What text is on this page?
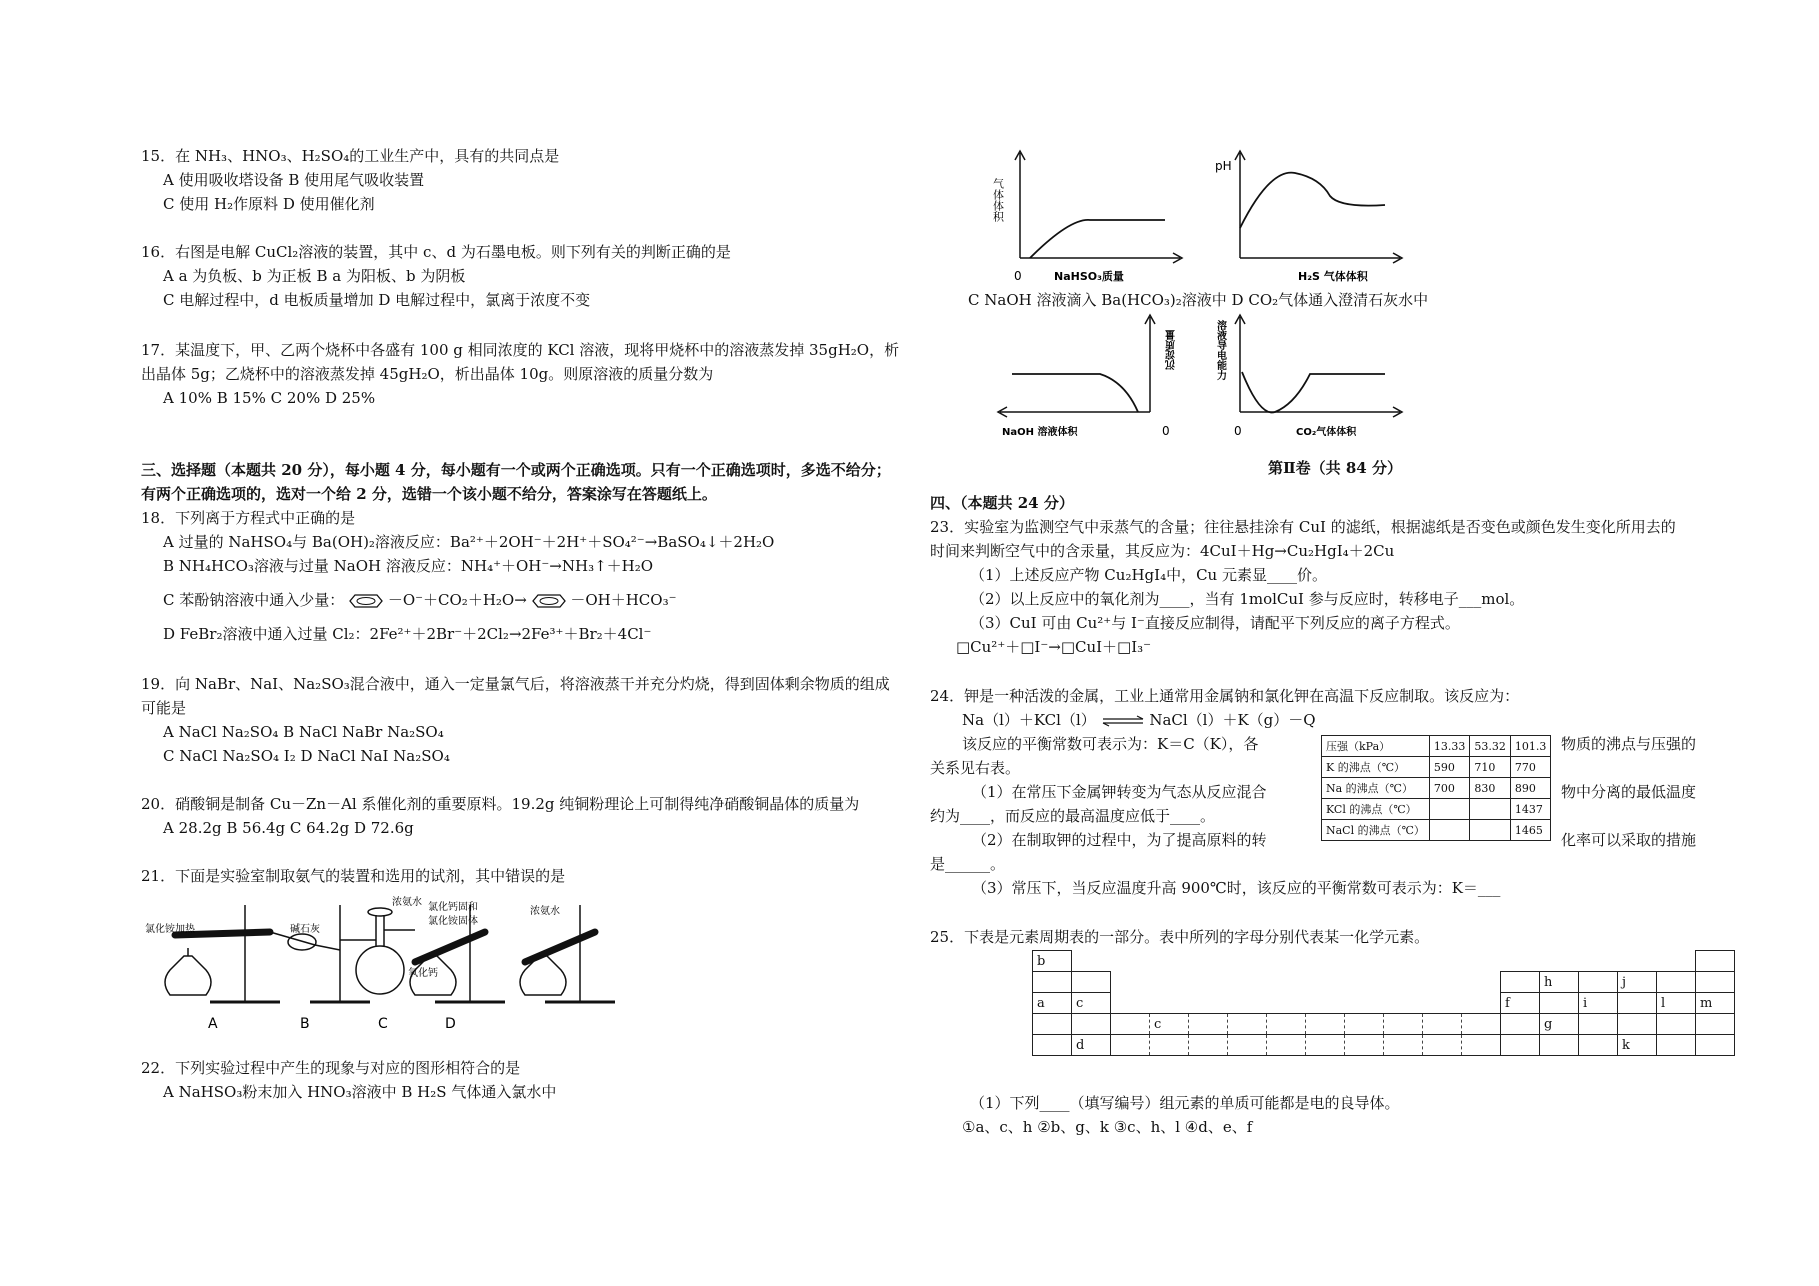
15．在 NH₃、HNO₃、H₂SO₄的工业生产中，具有的共同点是
A 使用吸收塔设备 B 使用尾气吸收装置
C 使用 H₂作原料 D 使用催化剂
16．右图是电解 CuCl₂溶液的装置，其中 c、d 为石墨电板。则下列有关的判断正确的是
A a 为负板、b 为正板 B a 为阳板、b 为阴板
C 电解过程中，d 电板质量增加 D 电解过程中，氯离于浓度不变
17．某温度下，甲、乙两个烧杯中各盛有 100 g 相同浓度的 KCl 溶液，现将甲烧杯中的溶液蒸发掉 35gH₂O，析
出晶体 5g；乙烧杯中的溶液蒸发掉 45gH₂O，析出晶体 10g。则原溶液的质量分数为
A 10% B 15% C 20% D 25%
三、选择题（本题共 20 分），每小题 4 分，每小题有一个或两个正确选项。只有一个正确选项时，多选不给分；
有两个正确选项的，选对一个给 2 分，选错一个该小题不给分，答案涂写在答题纸上。
18．下列离于方程式中正确的是
A 过量的 NaHSO₄与 Ba(OH)₂溶液反应：Ba²⁺＋2OH⁻＋2H⁺＋SO₄²⁻→BaSO₄↓＋2H₂O
B NH₄HCO₃溶液与过量 NaOH 溶液反应：NH₄⁺＋OH⁻→NH₃↑＋H₂O
C 苯酚钠溶液中通入少量：	－O⁻＋CO₂＋H₂O→	－OH＋HCO₃⁻
D FeBr₂溶液中通入过量 Cl₂：2Fe²⁺＋2Br⁻＋2Cl₂→2Fe³⁺＋Br₂＋4Cl⁻
19．向 NaBr、NaI、Na₂SO₃混合液中，通入一定量氯气后，将溶液蒸干并充分灼烧，得到固体剩余物质的组成
可能是
A NaCl Na₂SO₄ B NaCl NaBr Na₂SO₄
C NaCl Na₂SO₄ I₂ D NaCl NaI Na₂SO₄
20．硝酸铜是制备 Cu－Zn－Al 系催化剂的重要原料。19.2g 纯铜粉理论上可制得纯净硝酸铜晶体的质量为
A 28.2g B 56.4g C 64.2g D 72.6g
21．下面是实验室制取氨气的装置和选用的试剂，其中错误的是
氯化铵加热	碱石灰
浓氨水
氧化钙
氯化钙固和
氯化铵固体
浓氨水
A	B	C	D
22．下列实验过程中产生的现象与对应的图形相符合的是
A NaHSO₃粉末加入 HNO₃溶液中 B H₂S 气体通入氯水中
气体体积
0	NaHSO₃质量
pH
H₂S 气体体积
C NaOH 溶液滴入 Ba(HCO₃)₂溶液中 D CO₂气体通入澄清石灰水中
沉淀质量
NaOH 溶液体积	0
溶液导电能力
0	CO₂气体体积
第Ⅱ卷（共 84 分）
四、（本题共 24 分）
23．实验室为监测空气中汞蒸气的含量；往往悬挂涂有 CuI 的滤纸，根据滤纸是否变色或颜色发生变化所用去的
时间来判断空气中的含汞量，其反应为：4CuI＋Hg→Cu₂HgI₄＋2Cu
（1）上述反应产物 Cu₂HgI₄中，Cu 元素显____价。
（2）以上反应中的氧化剂为____，当有 1molCuI 参与反应时，转移电子___mol。
（3）CuI 可由 Cu²⁺与 I⁻直接反应制得，请配平下列反应的离子方程式。
□Cu²⁺＋□I⁻→□CuI＋□I₃⁻
24．钾是一种活泼的金属，工业上通常用金属钠和氯化钾在高温下反应制取。该反应为：
Na（l）＋KCl（l） ⇌ NaCl（l）＋K（g）－Q
该反应的平衡常数可表示为：K＝C（K），各	物质的沸点与压强的
关系见右表。
（1）在常压下金属钾转变为气态从反应混合	物中分离的最低温度
约为____，而反应的最高温度应低于____。
（2）在制取钾的过程中，为了提高原料的转	化率可以采取的措施
是______。
（3）常压下，当反应温度升高 900℃时，该反应的平衡常数可表示为：K＝___
压强（kPa）	13.33	53.32	101.3
K 的沸点（℃）	590	710	770
Na 的沸点（℃）	700	830	890
KCl 的沸点（℃）			1437
NaCl 的沸点（℃）			1465
25．下表是元素周期表的一部分。表中所列的字母分别代表某一化学元素。
b																	
													h		j		
a	c											f		i		l	m
			c										g				
	d														k		
（1）下列____（填写编号）组元素的单质可能都是电的良导体。
①a、c、h ②b、g、k ③c、h、l ④d、e、f
